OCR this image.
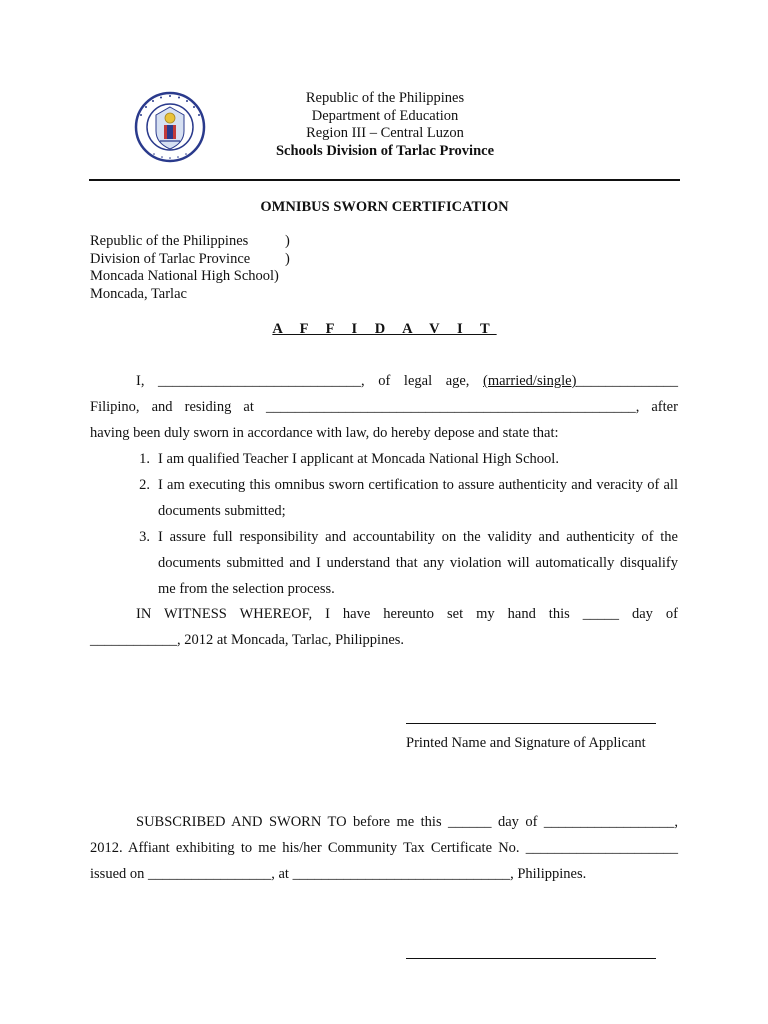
Republic of the Philippines
Department of Education
Region III – Central Luzon
Schools Division of Tarlac Province
OMNIBUS SWORN CERTIFICATION
Republic of the Philippines	)
Division of Tarlac Province	)
Moncada National High School)
Moncada, Tarlac
A F F I D A V I T
I, ____________________________, of legal age, (married/single)______________
Filipino, and residing at ___________________________________________________, after
having been duly sworn in accordance with law, do hereby depose and state that:
1. I am qualified Teacher I applicant at Moncada National High School.
2. I am executing this omnibus sworn certification to assure authenticity and veracity of all documents submitted;
3. I assure full responsibility and accountability on the validity and authenticity of the documents submitted and I understand that any violation will automatically disqualify me from the selection process.
IN WITNESS WHEREOF, I have hereunto set my hand this _____ day of
____________, 2012 at Moncada, Tarlac, Philippines.
Printed Name and Signature of Applicant
SUBSCRIBED AND SWORN TO before me this ______ day of __________________,
2012. Affiant exhibiting to me his/her Community Tax Certificate No. _____________________
issued on _________________, at ______________________________, Philippines.
